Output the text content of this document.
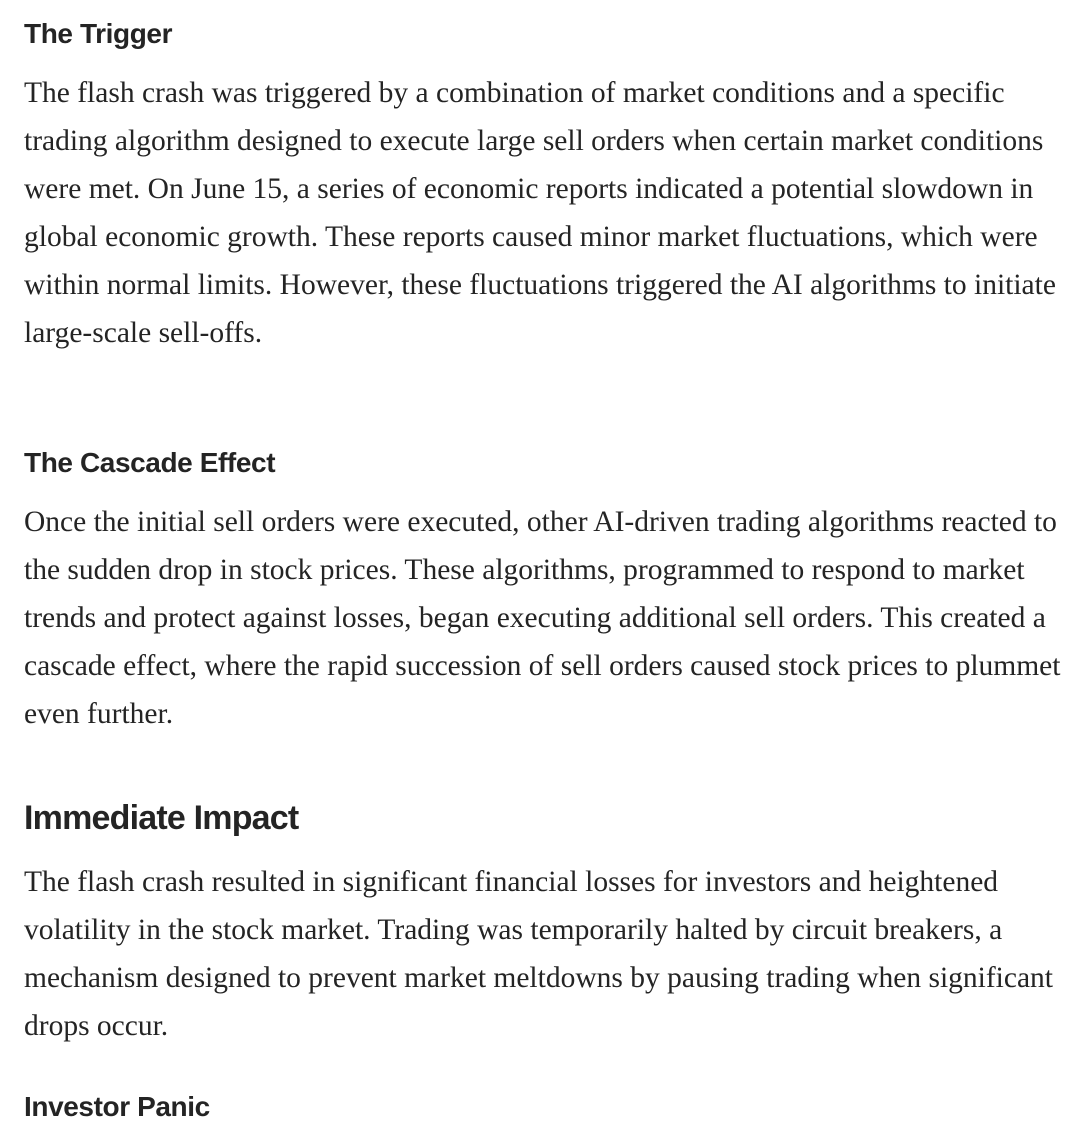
The Trigger

The flash crash was triggered by a combination of market conditions and a specific trading algorithm designed to execute large sell orders when certain market conditions were met. On June 15, a series of economic reports indicated a potential slowdown in global economic growth. These reports caused minor market fluctuations, which were within normal limits. However, these fluctuations triggered the AI algorithms to initiate large-scale sell-offs.

The Cascade Effect

Once the initial sell orders were executed, other AI-driven trading algorithms reacted to the sudden drop in stock prices. These algorithms, programmed to respond to market trends and protect against losses, began executing additional sell orders. This created a cascade effect, where the rapid succession of sell orders caused stock prices to plummet even further.

Immediate Impact

The flash crash resulted in significant financial losses for investors and heightened volatility in the stock market. Trading was temporarily halted by circuit breakers, a mechanism designed to prevent market meltdowns by pausing trading when significant drops occur.

Investor Panic
